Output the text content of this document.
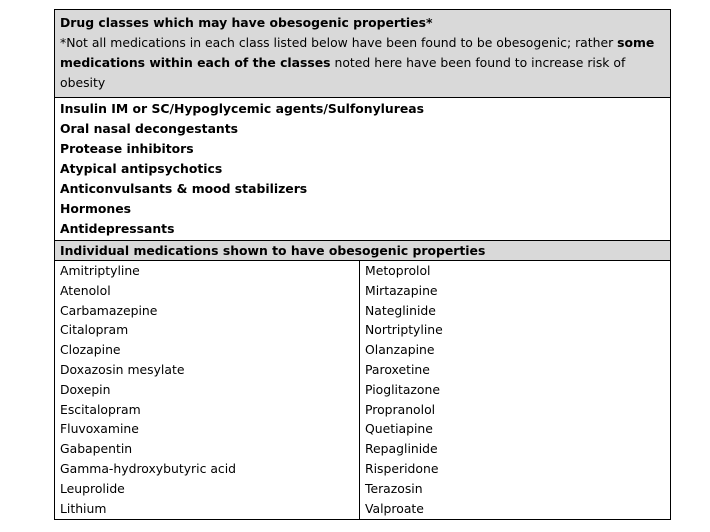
Drug classes which may have obesogenic properties*
*Not all medications in each class listed below have been found to be obesogenic; rather some medications within each of the classes noted here have been found to increase risk of obesity
Insulin IM or SC/Hypoglycemic agents/Sulfonylureas
Oral nasal decongestants
Protease inhibitors
Atypical antipsychotics
Anticonvulsants & mood stabilizers
Hormones
Antidepressants
Individual medications shown to have obesogenic properties
Amitriptyline
Atenolol
Carbamazepine
Citalopram
Clozapine
Doxazosin mesylate
Doxepin
Escitalopram
Fluvoxamine
Gabapentin
Gamma-hydroxybutyric acid
Leuprolide
Lithium
Metoprolol
Mirtazapine
Nateglinide
Nortriptyline
Olanzapine
Paroxetine
Pioglitazone
Propranolol
Quetiapine
Repaglinide
Risperidone
Terazosin
Valproate
